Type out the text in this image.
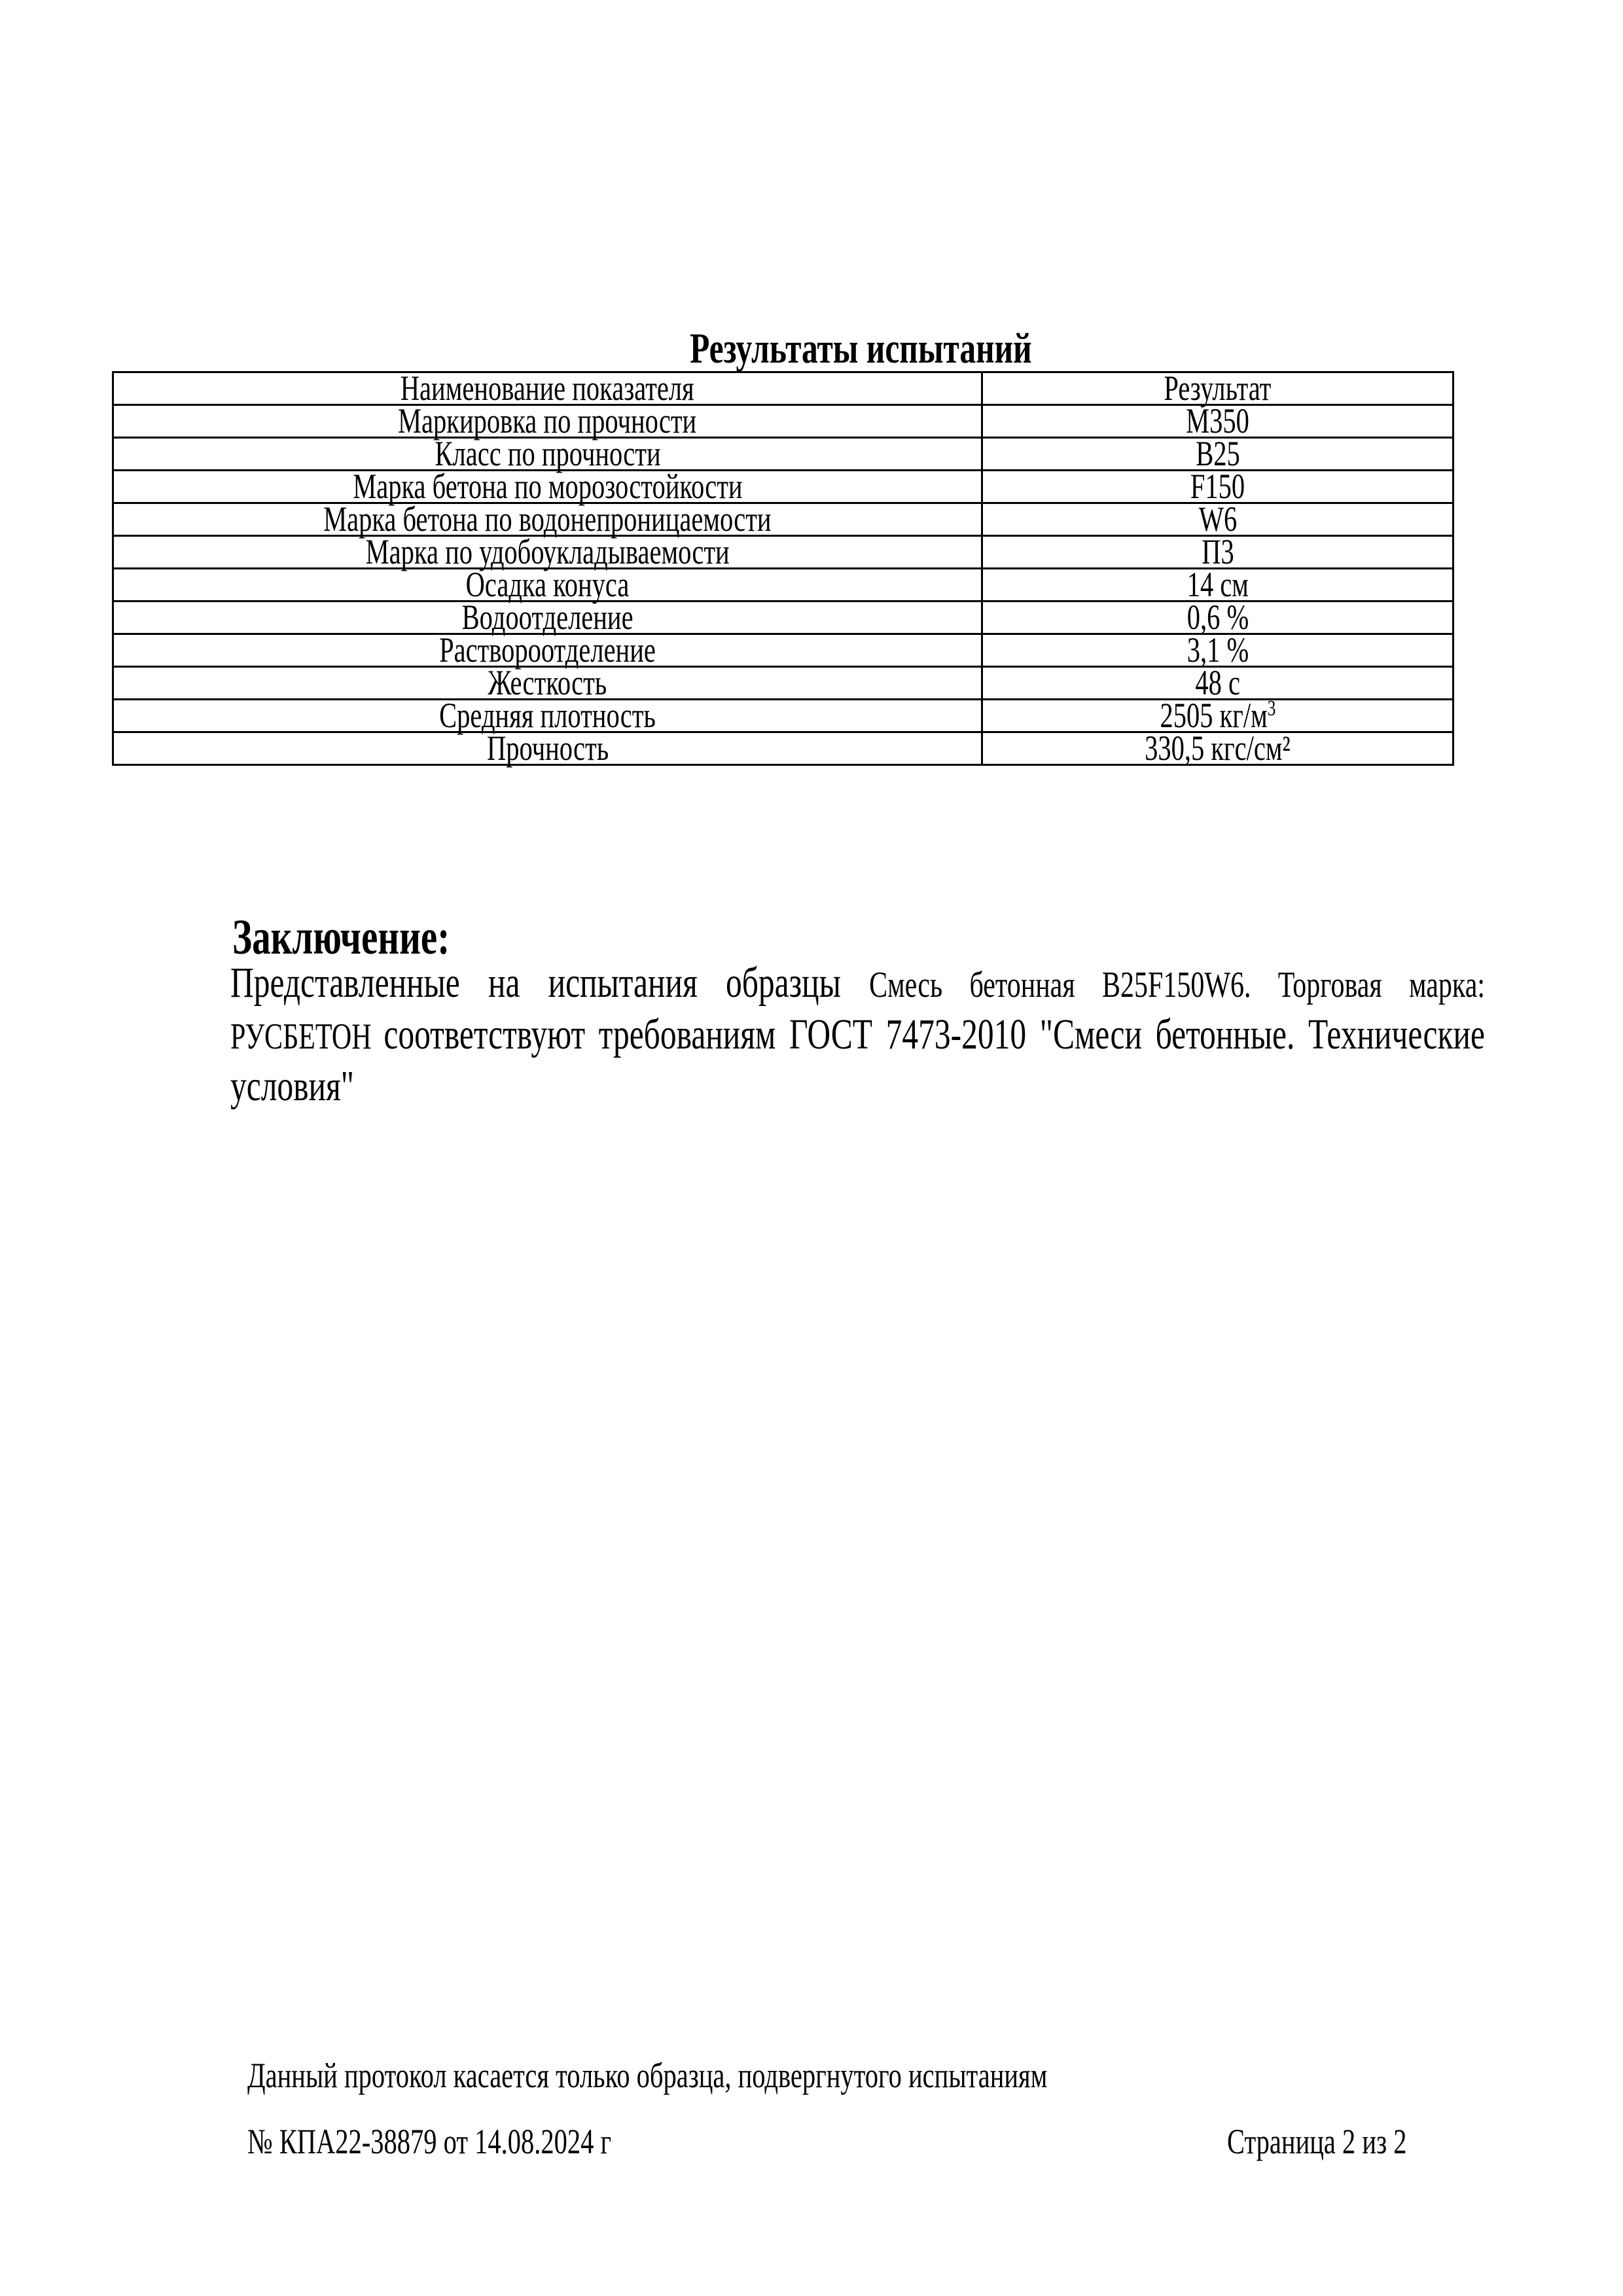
Результаты испытаний
Наименование показателя	Результат
Маркировка по прочности	М350
Класс по прочности	В25
Марка бетона по морозостойкости	F150
Марка бетона по водонепроницаемости	W6
Марка по удобоукладываемости	П3
Осадка конуса	14 см
Водоотделение	0,6 %
Раствороотделение	3,1 %
Жесткость	48 с
Средняя плотность	2505 $кг/м^3$
Прочность	330,5 кгс/см²
Заключение:
Представленные на испытания образцы Смесь бетонная B25F150W6. Торговая марка:
РУСБЕТОН соответствуют требованиям ГОСТ 7473-2010 "Смеси бетонные. Технические
условия"
Данный протокол касается только образца, подвергнутого испытаниям
№ КПА22-38879 от 14.08.2024 г	Страница 2 из 2
